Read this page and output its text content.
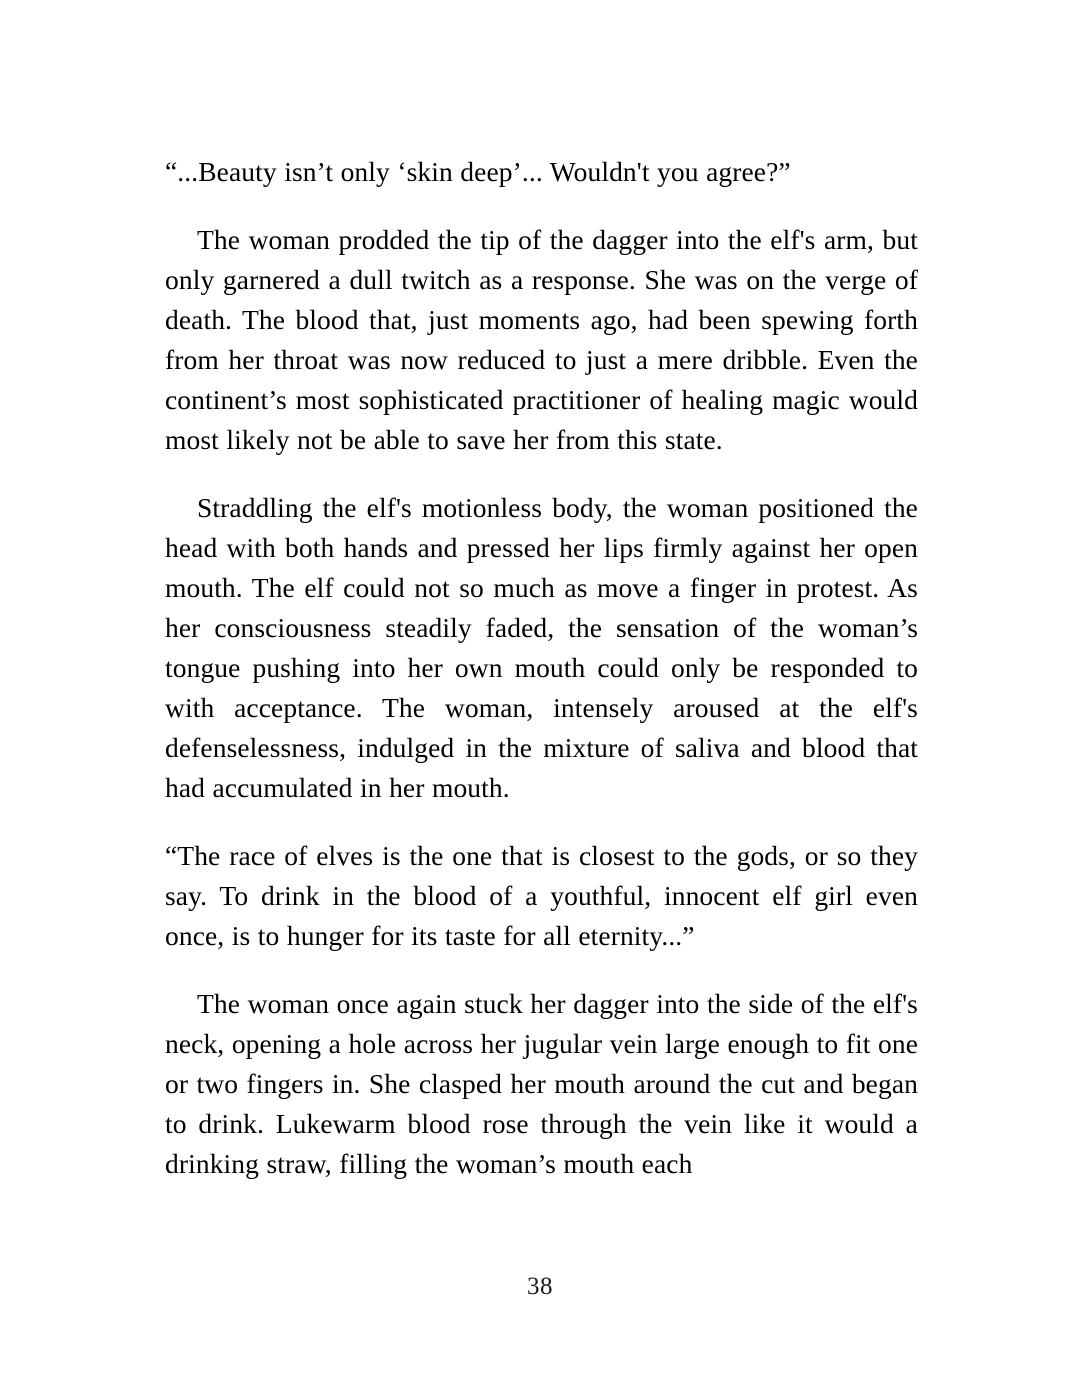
“...Beauty isn’t only ‘skin deep’... Wouldn't you agree?”

The woman prodded the tip of the dagger into the elf's arm, but only garnered a dull twitch as a response. She was on the verge of death. The blood that, just moments ago, had been spewing forth from her throat was now reduced to just a mere dribble. Even the continent’s most sophisticated practitioner of healing magic would most likely not be able to save her from this state.

Straddling the elf's motionless body, the woman positioned the head with both hands and pressed her lips firmly against her open mouth. The elf could not so much as move a finger in protest. As her consciousness steadily faded, the sensation of the woman’s tongue pushing into her own mouth could only be responded to with acceptance. The woman, intensely aroused at the elf's defenselessness, indulged in the mixture of saliva and blood that had accumulated in her mouth.

“The race of elves is the one that is closest to the gods, or so they say. To drink in the blood of a youthful, innocent elf girl even once, is to hunger for its taste for all eternity...”

The woman once again stuck her dagger into the side of the elf's neck, opening a hole across her jugular vein large enough to fit one or two fingers in. She clasped her mouth around the cut and began to drink. Lukewarm blood rose through the vein like it would a drinking straw, filling the woman’s mouth each

38
